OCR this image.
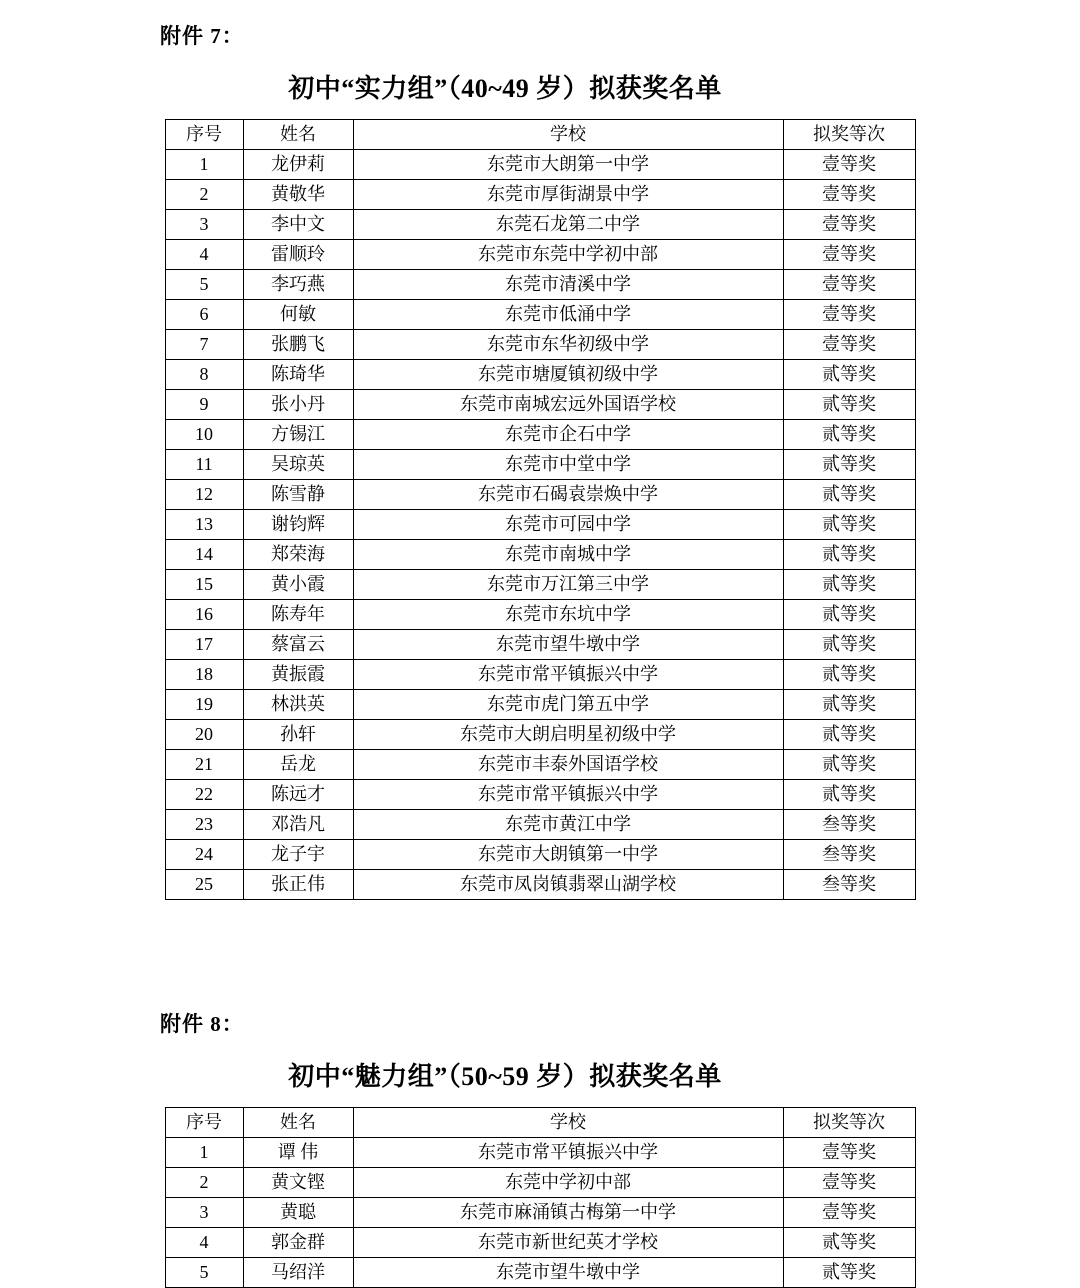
附件 7：
初中“实力组”（40~49 岁）拟获奖名单
序号	姓名	学校	拟奖等次
1	龙伊莉	东莞市大朗第一中学	壹等奖
2	黄敬华	东莞市厚街湖景中学	壹等奖
3	李中文	东莞石龙第二中学	壹等奖
4	雷顺玲	东莞市东莞中学初中部	壹等奖
5	李巧燕	东莞市清溪中学	壹等奖
6	何敏	东莞市低涌中学	壹等奖
7	张鹏飞	东莞市东华初级中学	壹等奖
8	陈琦华	东莞市塘厦镇初级中学	贰等奖
9	张小丹	东莞市南城宏远外国语学校	贰等奖
10	方锡江	东莞市企石中学	贰等奖
11	吴琼英	东莞市中堂中学	贰等奖
12	陈雪静	东莞市石碣袁崇焕中学	贰等奖
13	谢钧辉	东莞市可园中学	贰等奖
14	郑荣海	东莞市南城中学	贰等奖
15	黄小霞	东莞市万江第三中学	贰等奖
16	陈寿年	东莞市东坑中学	贰等奖
17	蔡富云	东莞市望牛墩中学	贰等奖
18	黄振霞	东莞市常平镇振兴中学	贰等奖
19	林洪英	东莞市虎门第五中学	贰等奖
20	孙轩	东莞市大朗启明星初级中学	贰等奖
21	岳龙	东莞市丰泰外国语学校	贰等奖
22	陈远才	东莞市常平镇振兴中学	贰等奖
23	邓浩凡	东莞市黄江中学	叁等奖
24	龙子宇	东莞市大朗镇第一中学	叁等奖
25	张正伟	东莞市凤岗镇翡翠山湖学校	叁等奖
附件 8：
初中“魅力组”（50~59 岁）拟获奖名单
序号	姓名	学校	拟奖等次
1	谭 伟	东莞市常平镇振兴中学	壹等奖
2	黄文铿	东莞中学初中部	壹等奖
3	黄聪	东莞市麻涌镇古梅第一中学	壹等奖
4	郭金群	东莞市新世纪英才学校	贰等奖
5	马绍洋	东莞市望牛墩中学	贰等奖
